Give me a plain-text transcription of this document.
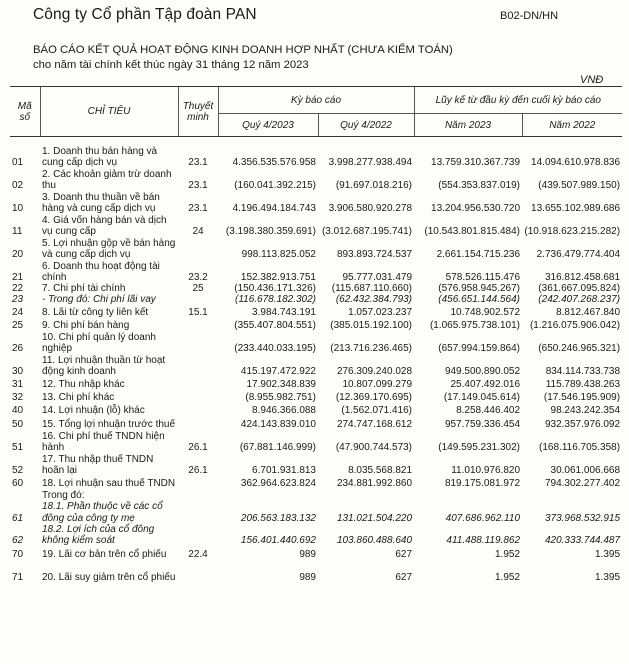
Công ty Cổ phần Tập đoàn PAN	B02-DN/HN
BÁO CÁO KẾT QUẢ HOẠT ĐỘNG KINH DOANH HỢP NHẤT (CHƯA KIỂM TOÁN)
cho năm tài chính kết thúc ngày 31 tháng 12 năm 2023
VNĐ
Mã số	CHỈ TIÊU	Thuyết minh	Kỳ báo cáo		Lũy kế từ đầu kỳ đến cuối kỳ báo cáo	
			Quý 4/2023	Quý 4/2022	Năm 2023	Năm 2022

01	1. Doanh thu bán hàng và cung cấp dịch vụ	23.1	4.356.535.576.958	3.998.277.938.494	13.759.310.367.739	14.094.610.978.836
02	2. Các khoản giảm trừ doanh thu	23.1	(160.041.392.215)	(91.697.018.216)	(554.353.837.019)	(439.507.989.150)
10	3. Doanh thu thuần về bán hàng và cung cấp dịch vụ	23.1	4.196.494.184.743	3.906.580.920.278	13.204.956.530.720	13.655.102.989.686
11	4. Giá vốn hàng bán và dịch vụ cung cấp	24	(3.198.380.359.691)	(3.012.687.195.741)	(10.543.801.815.484)	(10.918.623.215.282)
20	5. Lợi nhuận gộp về bán hàng và cung cấp dịch vụ		998.113.825.052	893.893.724.537	2.661.154.715.236	2.736.479.774.404
21	6. Doanh thu hoạt động tài chính	23.2	152.382.913.751	95.777.031.479	578.526.115.476	316.812.458.681
22	7. Chi phí tài chính	25	(150.436.171.326)	(115.687.110.660)	(576.958.945.267)	(361.667.095.824)
23	- Trong đó: Chi phí lãi vay		(116.678.182.302)	(62.432.384.793)	(456.651.144.564)	(242.407.268.237)
24	8. Lãi từ công ty liên kết	15.1	3.984.743.191	1.057.023.237	10.748.902.572	8.812.467.840
25	9. Chi phí bán hàng		(355.407.804.551)	(385.015.192.100)	(1.065.975.738.101)	(1.216.075.906.042)
26	10. Chi phí quản lý doanh nghiệp		(233.440.033.195)	(213.716.236.465)	(657.994.159.864)	(650.246.965.321)
30	11. Lợi nhuận thuần từ hoạt động kinh doanh		415.197.472.922	276.309.240.028	949.500.890.052	834.114.733.738
31	12. Thu nhập khác		17.902.348.839	10.807.099.279	25.407.492.016	115.789.438.263
32	13. Chi phí khác		(8.955.982.751)	(12.369.170.695)	(17.149.045.614)	(17.546.195.909)
40	14. Lợi nhuận (lỗ) khác		8.946.366.088	(1.562.071.416)	8.258.446.402	98.243.242.354
50	15. Tổng lợi nhuận trước thuế		424.143.839.010	274.747.168.612	957.759.336.454	932.357.976.092
51	16. Chi phí thuế TNDN hiện hành	26.1	(67.881.146.999)	(47.900.744.573)	(149.595.231.302)	(168.116.705.358)
52	17. Thu nhập thuế TNDN hoãn lại	26.1	6.701.931.813	8.035.568.821	11.010.976.820	30.061.006.668
60	18. Lợi nhuận sau thuế TNDN		362.964.623.824	234.881.992.860	819.175.081.972	794.302.277.402
	Trong đó:					
61	18.1. Phần thuộc về các cổ đông của công ty mẹ		206.563.183.132	131.021.504.220	407.686.962.110	373.968.532.915
62	18.2. Lợi ích của cổ đông không kiểm soát		156.401.440.692	103.860.488.640	411.488.119.862	420.333.744.487
70	19. Lãi cơ bản trên cổ phiếu	22.4	989	627	1.952	1.395
71	20. Lãi suy giảm trên cổ phiếu		989	627	1.952	1.395
